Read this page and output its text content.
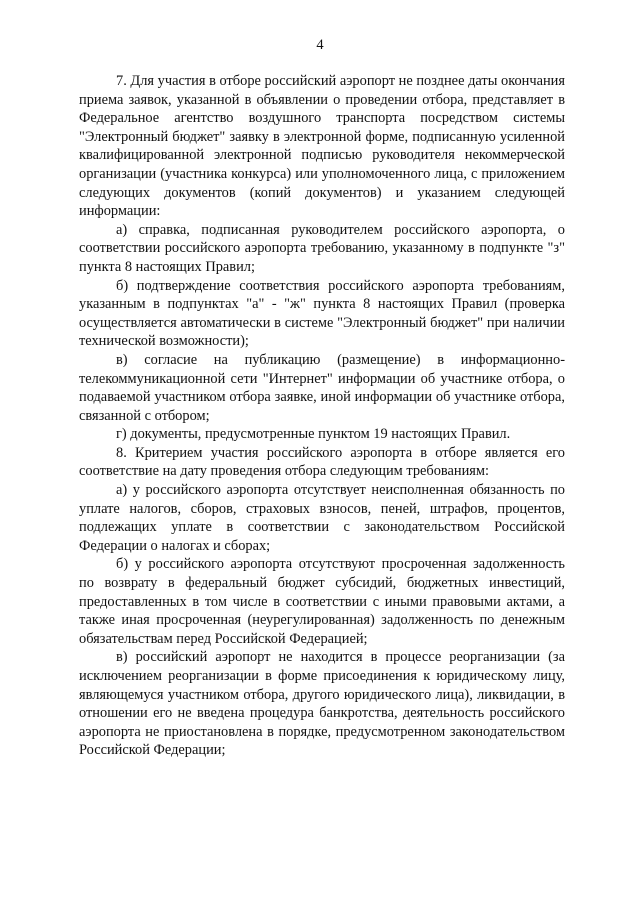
4

7. Для участия в отборе российский аэропорт не позднее даты окончания приема заявок, указанной в объявлении о проведении отбора, представляет в Федеральное агентство воздушного транспорта посредством системы "Электронный бюджет" заявку в электронной форме, подписанную усиленной квалифицированной электронной подписью руководителя некоммерческой организации (участника конкурса) или уполномоченного лица, с приложением следующих документов (копий документов) и указанием следующей информации:

а) справка, подписанная руководителем российского аэропорта, о соответствии российского аэропорта требованию, указанному в подпункте "з" пункта 8 настоящих Правил;

б) подтверждение соответствия российского аэропорта требованиям, указанным в подпунктах "а" - "ж" пункта 8 настоящих Правил (проверка осуществляется автоматически в системе "Электронный бюджет" при наличии технической возможности);

в) согласие на публикацию (размещение) в информационно-телекоммуникационной сети "Интернет" информации об участнике отбора, о подаваемой участником отбора заявке, иной информации об участнике отбора, связанной с отбором;

г) документы, предусмотренные пунктом 19 настоящих Правил.

8. Критерием участия российского аэропорта в отборе является его соответствие на дату проведения отбора следующим требованиям:

а) у российского аэропорта отсутствует неисполненная обязанность по уплате налогов, сборов, страховых взносов, пеней, штрафов, процентов, подлежащих уплате в соответствии с законодательством Российской Федерации о налогах и сборах;

б) у российского аэропорта отсутствуют просроченная задолженность по возврату в федеральный бюджет субсидий, бюджетных инвестиций, предоставленных в том числе в соответствии с иными правовыми актами, а также иная просроченная (неурегулированная) задолженность по денежным обязательствам перед Российской Федерацией;

в) российский аэропорт не находится в процессе реорганизации (за исключением реорганизации в форме присоединения к юридическому лицу, являющемуся участником отбора, другого юридического лица), ликвидации, в отношении его не введена процедура банкротства, деятельность российского аэропорта не приостановлена в порядке, предусмотренном законодательством Российской Федерации;
